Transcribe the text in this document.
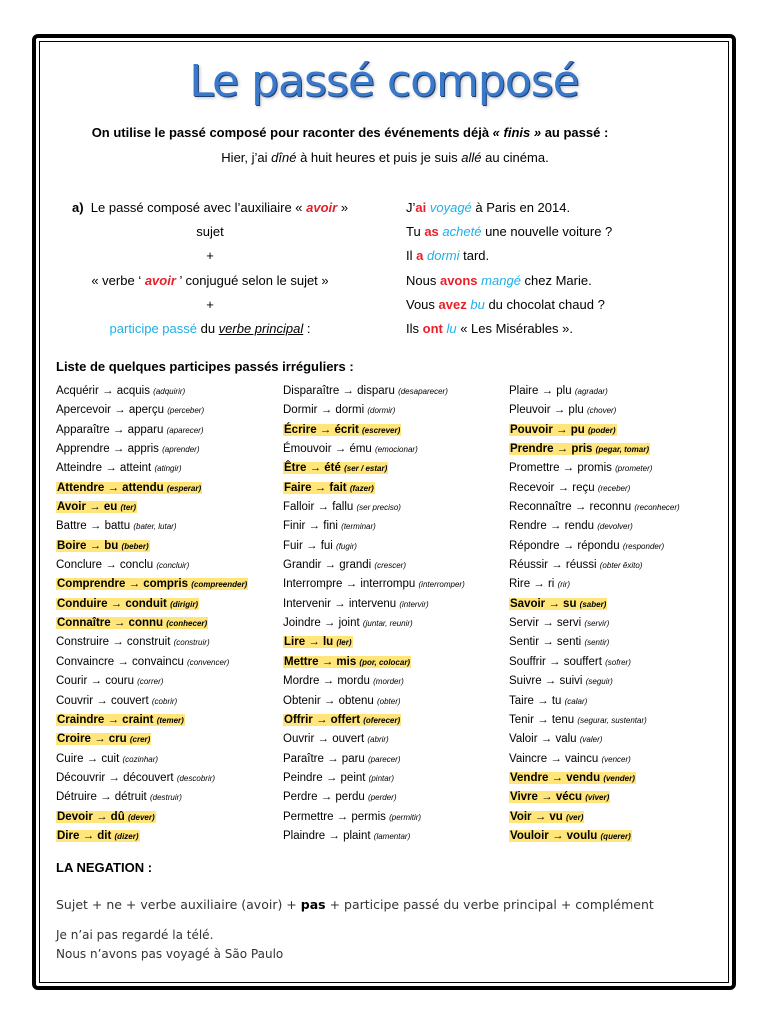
Le passé composé
On utilise le passé composé pour raconter des événements déjà « finis » au passé :
Hier, j’ai dîné à huit heures et puis je suis allé au cinéma.
a) Le passé composé avec l’auxiliaire « avoir »
sujet
+
« verbe ‘ avoir ’ conjugué selon le sujet »
+
participe passé du verbe principal :
J’ai voyagé à Paris en 2014.
Tu as acheté une nouvelle voiture ?
Il a dormi tard.
Nous avons mangé chez Marie.
Vous avez bu du chocolat chaud ?
Ils ont lu « Les Misérables ».
Liste de quelques participes passés irréguliers :
Acquérir → acquis (adquirir)
Apercevoir → aperçu (perceber)
Apparaître → apparu (aparecer)
Apprendre → appris (aprender)
Atteindre → atteint (atingir)
Attendre → attendu (esperar)
Avoir → eu (ter)
Battre → battu (bater, lutar)
Boire → bu (beber)
Conclure → conclu (concluir)
Comprendre → compris (compreender)
Conduire → conduit (dirigir)
Connaître → connu (conhecer)
Construire → construit (construir)
Convaincre → convaincu (convencer)
Courir → couru (correr)
Couvrir → couvert (cobrir)
Craindre → craint (temer)
Croire → cru (crer)
Cuire → cuit (cozinhar)
Découvrir → découvert (descobrir)
Détruire → détruit (destruir)
Devoir → dû (dever)
Dire → dit (dizer)
Disparaître → disparu (desaparecer)
Dormir → dormi (dormir)
Écrire → écrit (escrever)
Émouvoir → ému (emocionar)
Être → été (ser / estar)
Faire → fait (fazer)
Falloir → fallu (ser preciso)
Finir → fini (terminar)
Fuir → fui (fugir)
Grandir → grandi (crescer)
Interrompre → interrompu (interromper)
Intervenir → intervenu (intervir)
Joindre → joint (juntar, reunir)
Lire → lu (ler)
Mettre → mis (por, colocar)
Mordre → mordu (morder)
Obtenir → obtenu (obter)
Offrir → offert (oferecer)
Ouvrir → ouvert (abrir)
Paraître → paru (parecer)
Peindre → peint (pintar)
Perdre → perdu (perder)
Permettre → permis (permitir)
Plaindre → plaint (lamentar)
Plaire → plu (agradar)
Pleuvoir → plu (chover)
Pouvoir → pu (poder)
Prendre → pris (pegar, tomar)
Promettre → promis (prometer)
Recevoir → reçu (receber)
Reconnaître → reconnu (reconhecer)
Rendre → rendu (devolver)
Répondre → répondu (responder)
Réussir → réussi (obter êxito)
Rire → ri (rir)
Savoir → su (saber)
Servir → servi (servir)
Sentir → senti (sentir)
Souffrir → souffert (sofrer)
Suivre → suivi (seguir)
Taire → tu (calar)
Tenir → tenu (segurar, sustentar)
Valoir → valu (valer)
Vaincre → vaincu (vencer)
Vendre → vendu (vender)
Vivre → vécu (viver)
Voir → vu (ver)
Vouloir → voulu (querer)
LA NEGATION :
Sujet + ne + verbe auxiliaire (avoir) + pas + participe passé du verbe principal + complément
Je n’ai pas regardé la télé.
Nous n’avons pas voyagé à São Paulo
